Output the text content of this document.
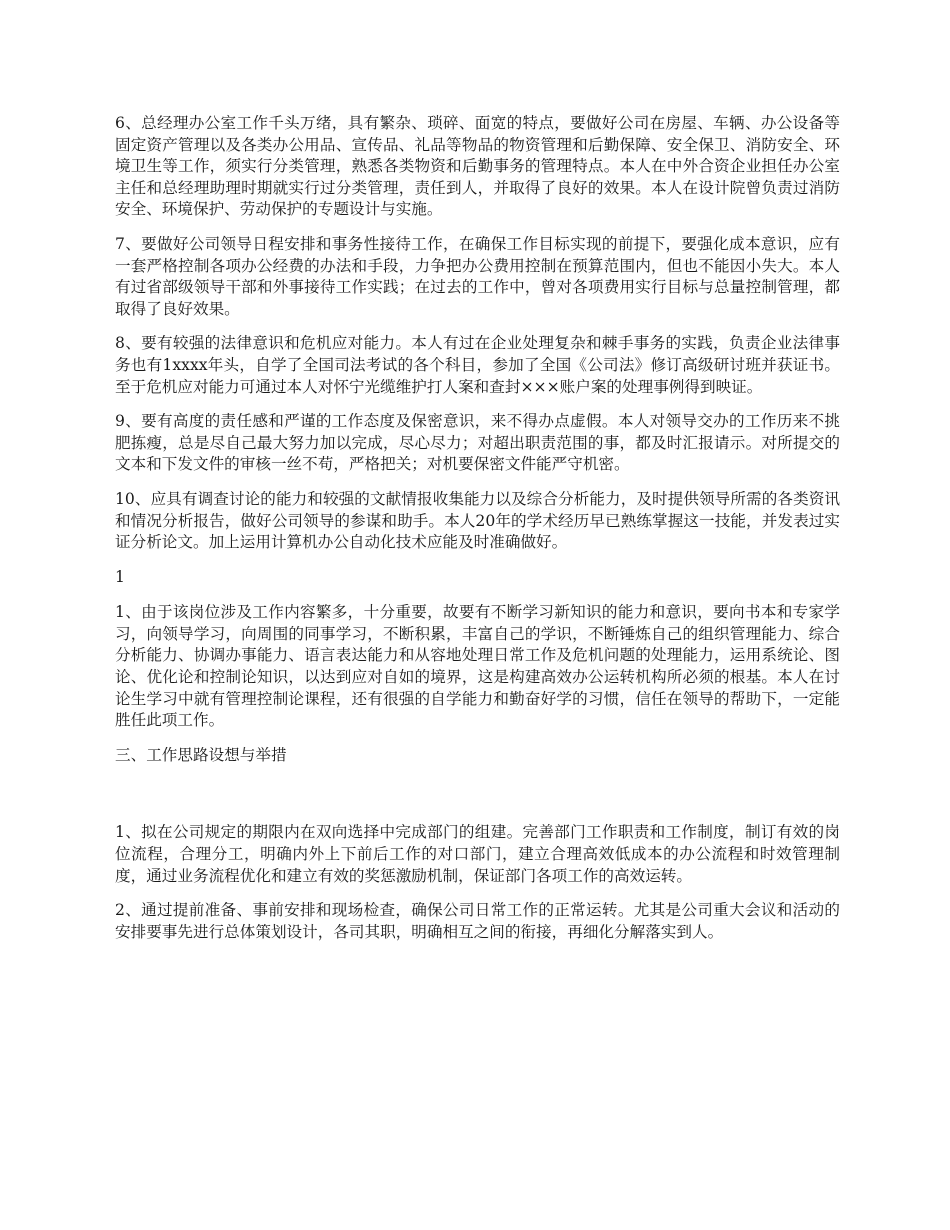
6、总经理办公室工作千头万绪，具有繁杂、琐碎、面宽的特点，要做好公司在房屋、车辆、办公设备等固定资产管理以及各类办公用品、宣传品、礼品等物品的物资管理和后勤保障、安全保卫、消防安全、环境卫生等工作，须实行分类管理，熟悉各类物资和后勤事务的管理特点。本人在中外合资企业担任办公室主任和总经理助理时期就实行过分类管理，责任到人，并取得了良好的效果。本人在设计院曾负责过消防安全、环境保护、劳动保护的专题设计与实施。

7、要做好公司领导日程安排和事务性接待工作，在确保工作目标实现的前提下，要强化成本意识，应有一套严格控制各项办公经费的办法和手段，力争把办公费用控制在预算范围内，但也不能因小失大。本人有过省部级领导干部和外事接待工作实践；在过去的工作中，曾对各项费用实行目标与总量控制管理，都取得了良好效果。

8、要有较强的法律意识和危机应对能力。本人有过在企业处理复杂和棘手事务的实践，负责企业法律事务也有1xxxx年头，自学了全国司法考试的各个科目，参加了全国《公司法》修订高级研讨班并获证书。至于危机应对能力可通过本人对怀宁光缆维护打人案和查封×××账户案的处理事例得到映证。

9、要有高度的责任感和严谨的工作态度及保密意识，来不得办点虚假。本人对领导交办的工作历来不挑肥拣瘦，总是尽自己最大努力加以完成，尽心尽力；对超出职责范围的事，都及时汇报请示。对所提交的文本和下发文件的审核一丝不苟，严格把关；对机要保密文件能严守机密。

10、应具有调查讨论的能力和较强的文献情报收集能力以及综合分析能力，及时提供领导所需的各类资讯和情况分析报告，做好公司领导的参谋和助手。本人20年的学术经历早已熟练掌握这一技能，并发表过实证分析论文。加上运用计算机办公自动化技术应能及时准确做好。

1

1、由于该岗位涉及工作内容繁多，十分重要，故要有不断学习新知识的能力和意识，要向书本和专家学习，向领导学习，向周围的同事学习，不断积累，丰富自己的学识，不断锤炼自己的组织管理能力、综合分析能力、协调办事能力、语言表达能力和从容地处理日常工作及危机问题的处理能力，运用系统论、图论、优化论和控制论知识，以达到应对自如的境界，这是构建高效办公运转机构所必须的根基。本人在讨论生学习中就有管理控制论课程，还有很强的自学能力和勤奋好学的习惯，信任在领导的帮助下，一定能胜任此项工作。

三、工作思路设想与举措

1、拟在公司规定的期限内在双向选择中完成部门的组建。完善部门工作职责和工作制度，制订有效的岗位流程，合理分工，明确内外上下前后工作的对口部门，建立合理高效低成本的办公流程和时效管理制度，通过业务流程优化和建立有效的奖惩激励机制，保证部门各项工作的高效运转。

2、通过提前准备、事前安排和现场检查，确保公司日常工作的正常运转。尤其是公司重大会议和活动的安排要事先进行总体策划设计，各司其职，明确相互之间的衔接，再细化分解落实到人。
